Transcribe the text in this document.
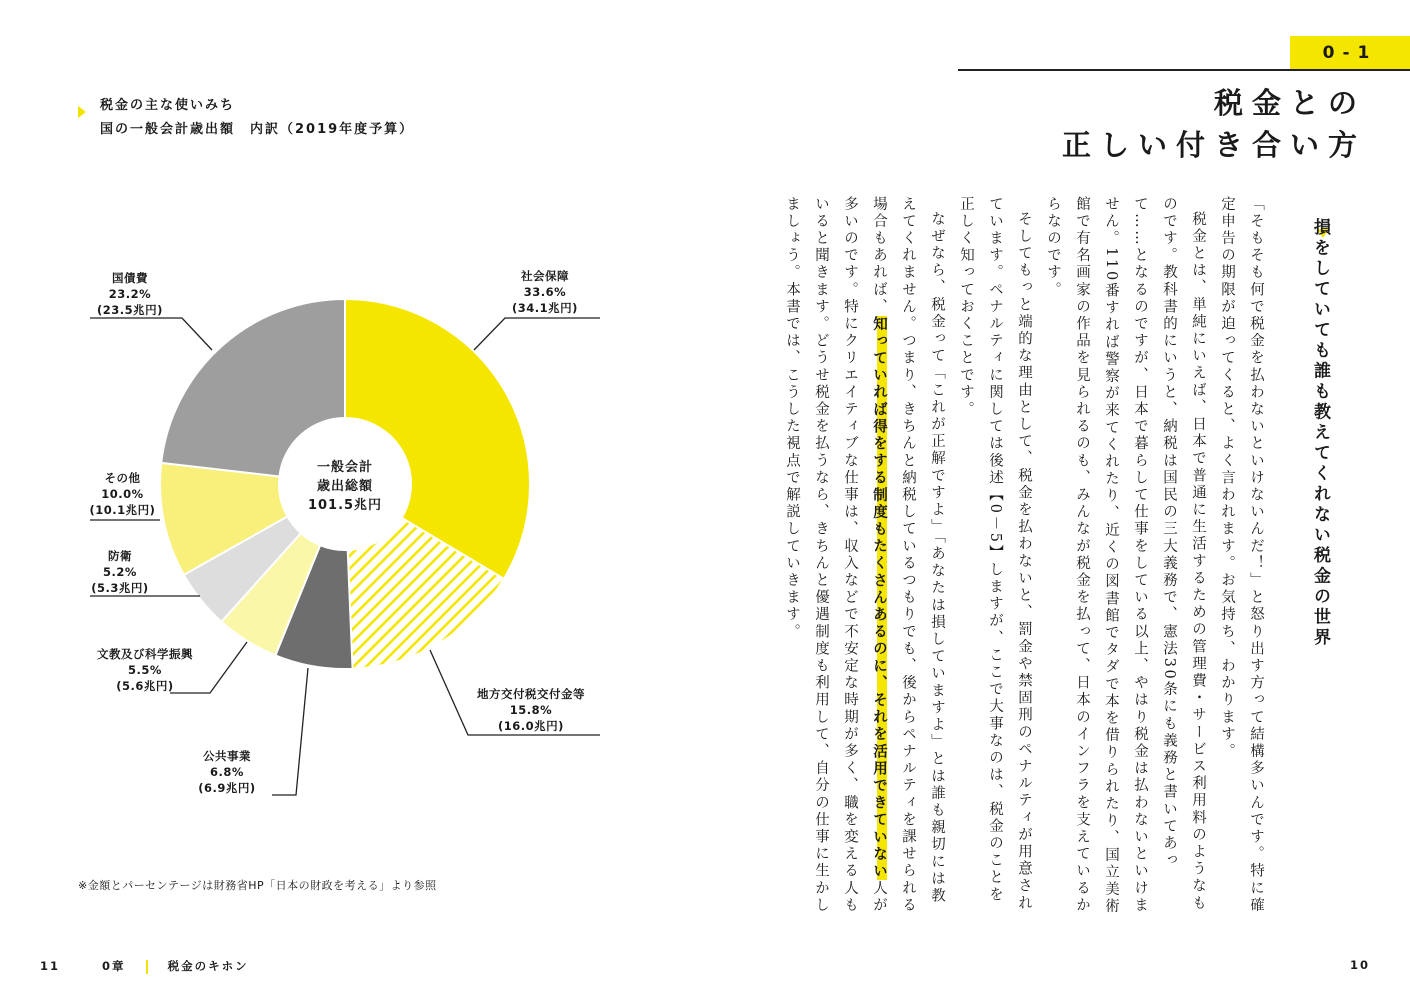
税金の主な使いみち
国の一般会計歳出額　内訳（2019年度予算）
一般会計
歳出総額
101.5兆円
社会保障
33.6%
(34.1兆円)
地方交付税交付金等
15.8%
(16.0兆円)
公共事業
6.8%
(6.9兆円)
文教及び科学振興
5.5%
(5.6兆円)
防衛
5.2%
(5.3兆円)
その他
10.0%
(10.1兆円)
国債費
23.2%
(23.5兆円)
※金額とパーセンテージは財務省HP「日本の財政を考える」より参照
11	0章	税金のキホン
0-1
税金との
正しい付き合い方
損をしていても誰も教えてくれない税金の世界

「そもそも何で税金を払わないといけないんだ！」と怒り出す方って結構多いんです。特に確定申告の期限が迫ってくると、よく言われます。お気持ち、わかります。

税金とは、単純にいえば、日本で普通に生活するための管理費・サービス利用料のようなものです。教科書的にいうと、納税は国民の三大義務で、憲法30条にも義務と書いてあって……となるのですが、日本で暮らして仕事をしている以上、やはり税金は払わないといけません。110番すれば警察が来てくれたり、近くの図書館でタダで本を借りられたり、国立美術館で有名画家の作品を見られるのも、みんなが税金を払って、日本のインフラを支えているからなのです。

そしてもっと端的な理由として、税金を払わないと、罰金や禁固刑のペナルティが用意されています。ペナルティに関しては後述【0－5】しますが、ここで大事なのは、税金のことを正しく知っておくことです。

なぜなら、税金って「これが正解ですよ」「あなたは損していますよ」とは誰も親切には教えてくれません。つまり、きちんと納税しているつもりでも、後からペナルティを課せられる場合もあれば、知っていれば得をする制度もたくさんあるのに、それを活用できていない人が多いのです。特にクリエイティブな仕事は、収入などで不安定な時期が多く、職を変える人もいると聞きます。どうせ税金を払うなら、きちんと優遇制度も利用して、自分の仕事に生かしましょう。本書では、こうした視点で解説していきます。

10
